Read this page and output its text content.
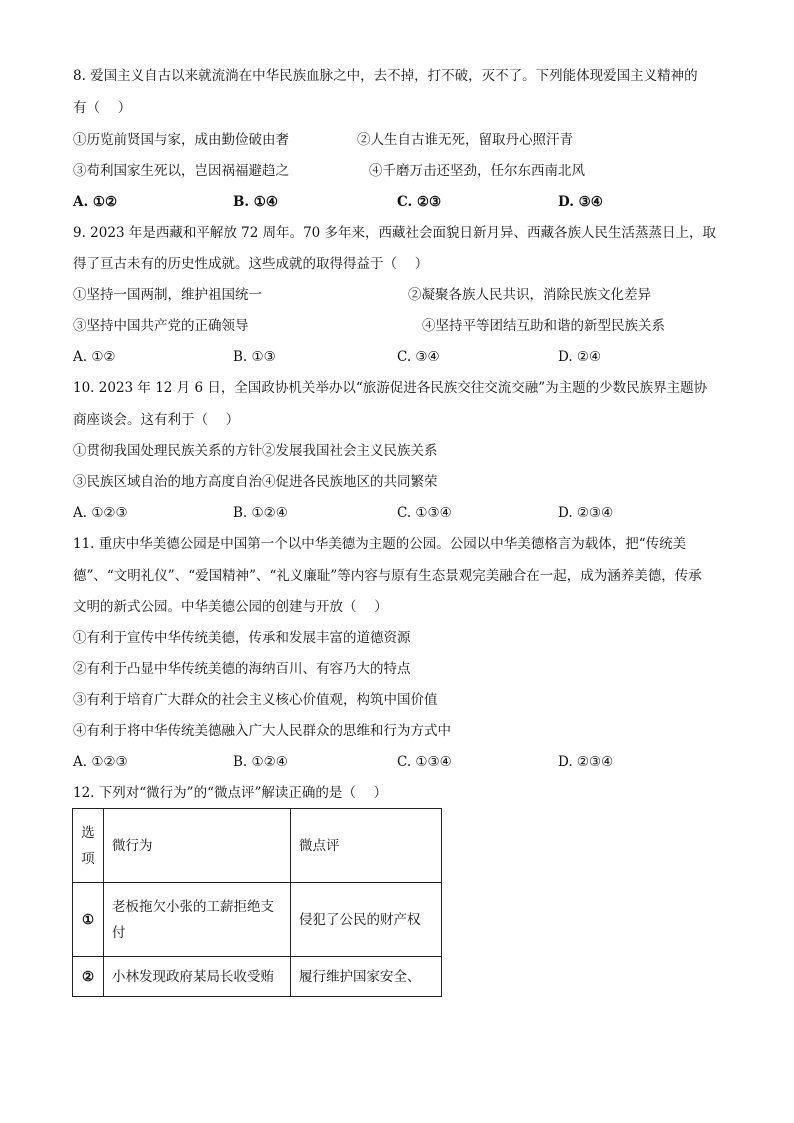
8. 爱国主义自古以来就流淌在中华民族血脉之中，去不掉，打不破，灭不了。下列能体现爱国主义精神的
有（　 ）
①历览前贤国与家，成由勤俭破由奢	②人生自古谁无死，留取丹心照汗青
③苟利国家生死以，岂因祸福避趋之	④千磨万击还坚劲，任尔东西南北风
A. ①②	B. ①④	C. ②③	D. ③④
9. 2023 年是西藏和平解放 72 周年。70 多年来，西藏社会面貌日新月异、西藏各族人民生活蒸蒸日上，取
得了亘古未有的历史性成就。这些成就的取得得益于（　 ）
①坚持一国两制，维护祖国统一	②凝聚各族人民共识，消除民族文化差异
③坚持中国共产党的正确领导	④坚持平等团结互助和谐的新型民族关系
A. ①②	B. ①③	C. ③④	D. ②④
10. 2023 年 12 月 6 日，全国政协机关举办以“旅游促进各民族交往交流交融”为主题的少数民族界主题协
商座谈会。这有利于（　 ）
①贯彻我国处理民族关系的方针②发展我国社会主义民族关系
③民族区域自治的地方高度自治④促进各民族地区的共同繁荣
A. ①②③	B. ①②④	C. ①③④	D. ②③④
11. 重庆中华美德公园是中国第一个以中华美德为主题的公园。公园以中华美德格言为载体，把“传统美
德”、“文明礼仪”、“爱国精神”、“礼义廉耻”等内容与原有生态景观完美融合在一起，成为涵养美德，传承
文明的新式公园。中华美德公园的创建与开放（　 ）
①有利于宣传中华传统美德，传承和发展丰富的道德资源
②有利于凸显中华传统美德的海纳百川、有容乃大的特点
③有利于培育广大群众的社会主义核心价值观，构筑中国价值
④有利于将中华传统美德融入广大人民群众的思维和行为方式中
A. ①②③	B. ①②④	C. ①③④	D. ②③④
12. 下列对“微行为”的“微点评”解读正确的是（　 ）
选
项	微行为	微点评
①	老板拖欠小张的工薪拒绝支
付	侵犯了公民的财产权
②	小林发现政府某局长收受贿	履行维护国家安全、
